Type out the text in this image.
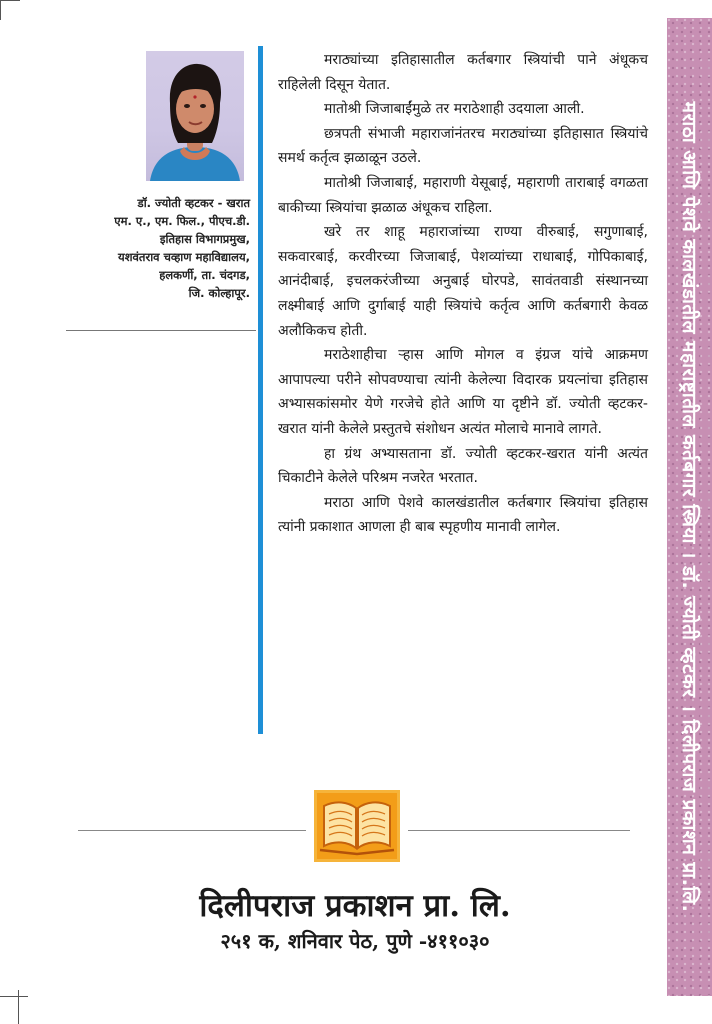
मराठा आणि पेशवे कालखंडातील महाराष्ट्रातील कर्तबगार स्त्रिया । डॉ. ज्योती व्हटकर । दिलीपराज प्रकाशन प्रा.लि.
डॉ. ज्योती व्हटकर - खरात
एम. ए., एम. फिल., पीएच.डी.
इतिहास विभागप्रमुख,
यशवंतराव चव्हाण महाविद्यालय,
हलकर्णी, ता. चंदगड,
जि. कोल्हापूर.

मराठ्यांच्या इतिहासातील कर्तबगार स्त्रियांची पाने अंधूकच राहिलेली दिसून येतात.

मातोश्री जिजाबाईंमुळे तर मराठेशाही उदयाला आली.

छत्रपती संभाजी महाराजांनंतरच मराठ्यांच्या इतिहासात स्त्रियांचे समर्थ कर्तृत्व झळाळून उठले.

मातोश्री जिजाबाई, महाराणी येसूबाई, महाराणी ताराबाई वगळता बाकीच्या स्त्रियांचा झळाळ अंधूकच राहिला.

खरे तर शाहू महाराजांच्या राण्या वीरुबाई, सगुणाबाई, सकवारबाई, करवीरच्या जिजाबाई, पेशव्यांच्या राधाबाई, गोपिकाबाई, आनंदीबाई, इचलकरंजीच्या अनुबाई घोरपडे, सावंतवाडी संस्थानच्या लक्ष्मीबाई आणि दुर्गाबाई याही स्त्रियांचे कर्तृत्व आणि कर्तबगारी केवळ अलौकिकच होती.

मराठेशाहीचा ऱ्हास आणि मोगल व इंग्रज यांचे आक्रमण आपापल्या परीने सोपवण्याचा त्यांनी केलेल्या विदारक प्रयत्नांचा इतिहास अभ्यासकांसमोर येणे गरजेचे होते आणि या दृष्टीने डॉ. ज्योती व्हटकर-खरात यांनी केलेले प्रस्तुतचे संशोधन अत्यंत मोलाचे मानावे लागते.

हा ग्रंथ अभ्यासताना डॉ. ज्योती व्हटकर-खरात यांनी अत्यंत चिकाटीने केलेले परिश्रम नजरेत भरतात.

मराठा आणि पेशवे कालखंडातील कर्तबगार स्त्रियांचा इतिहास त्यांनी प्रकाशात आणला ही बाब स्पृहणीय मानावी लागेल.

दिलीपराज प्रकाशन प्रा. लि.
२५१ क, शनिवार पेठ, पुणे -४११०३०
